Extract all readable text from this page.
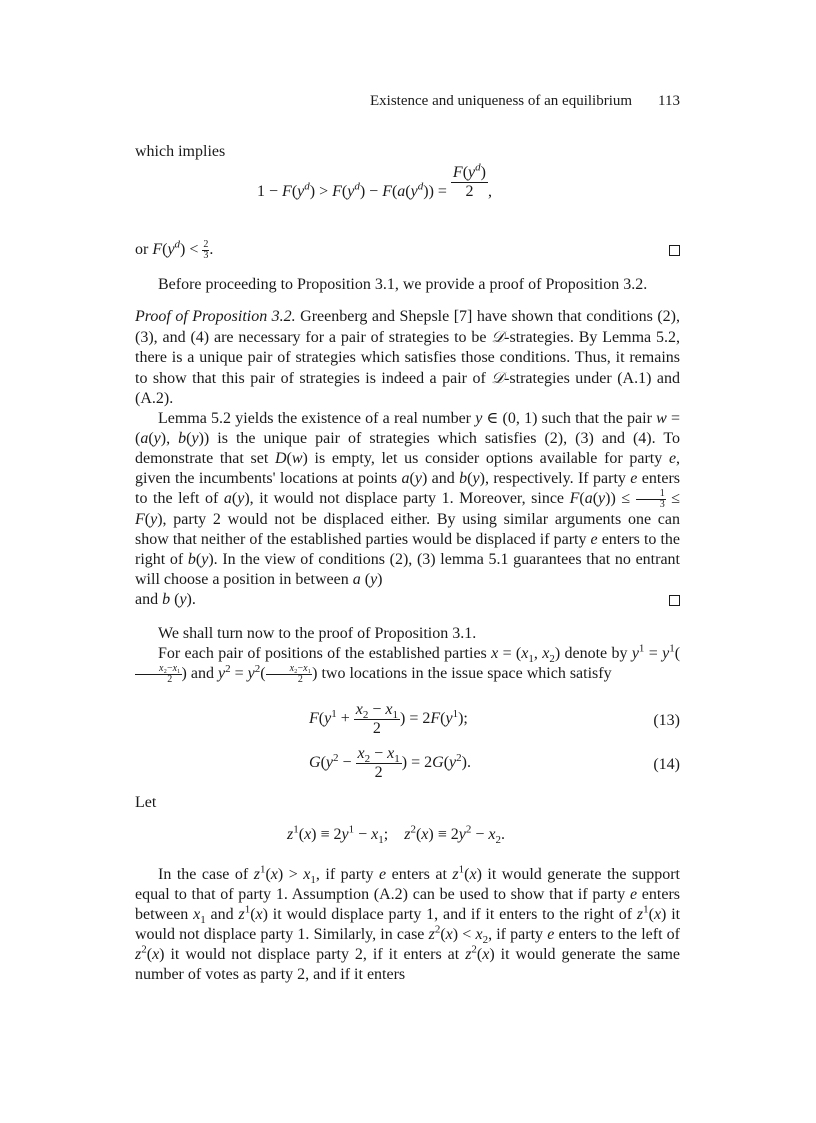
Existence and uniqueness of an equilibrium 113

which implies

$1 - F(y^d) > F(y^d) - F(a(y^d)) = \frac{F(y^d)}{2}$ ,

or $F(y^d) < \frac{2}{3}$ .

Before proceeding to Proposition 3.1, we provide a proof of Proposition 3.2.

Proof of Proposition 3.2. Greenberg and Shepsle [7] have shown that conditions (2), (3), and (4) are necessary for a pair of strategies to be 𝒟-strategies. By Lemma 5.2, there is a unique pair of strategies which satisfies those conditions. Thus, it remains to show that this pair of strategies is indeed a pair of 𝒟-strategies under (A.1) and (A.2).

Lemma 5.2 yields the existence of a real number y ∈ (0, 1) such that the pair w = (a(y), b(y)) is the unique pair of strategies which satisfies (2), (3) and (4). To demonstrate that set D(w) is empty, let us consider options available for party e, given the incumbents' locations at points a(y) and b(y), respectively. If party e enters to the left of a(y), it would not displace party 1. Moreover, since $F(a(y)) \le \frac{1}{3} \le F(y)$, party 2 would not be displaced either. By using similar arguments one can show that neither of the established parties would be displaced if party e enters to the right of b(y). In the view of conditions (2), (3) lemma 5.1 guarantees that no entrant will choose a position in between a (y)
and b (y).

We shall turn now to the proof of Proposition 3.1.

For each pair of positions of the established parties $x = (x_1$, $x_2$) denote by $y^1 = y^1$(
$\frac{\text{x₂−x₁}}{2}$ ) and $y^2 = y^2( \frac{\text{x₂−x₁}}{2}$ ) two locations in the issue space which satisfy

$F(y^1 + \frac{x_2 - x_1}{2}$ ) = $2F(y^1)$;	(13)
$G(y^2 - \frac{x_2 - x_1}{2}$ ) = $2G(y^2)$.	(14)

Let

$z^1(x) \equiv 2y^1 - x_1$;    $z^2(x) \equiv 2y^2 - x_2$.

In the case of $z^1(x) > x_1$, if party e enters at $z^1(x)$ it would generate the support equal to that of party 1. Assumption (A.2) can be used to show that if party e enters between $x_1$ and $z^1(x)$ it would displace party 1, and if it enters to the right of $z^1(x)$ it would not displace party 1. Similarly, in case $z^2(x) < x_2$, if party e enters to the left of $z^2(x)$ it would not displace party 2, if it enters at $z^2(x)$ it would generate the same number of votes as party 2, and if it enters
